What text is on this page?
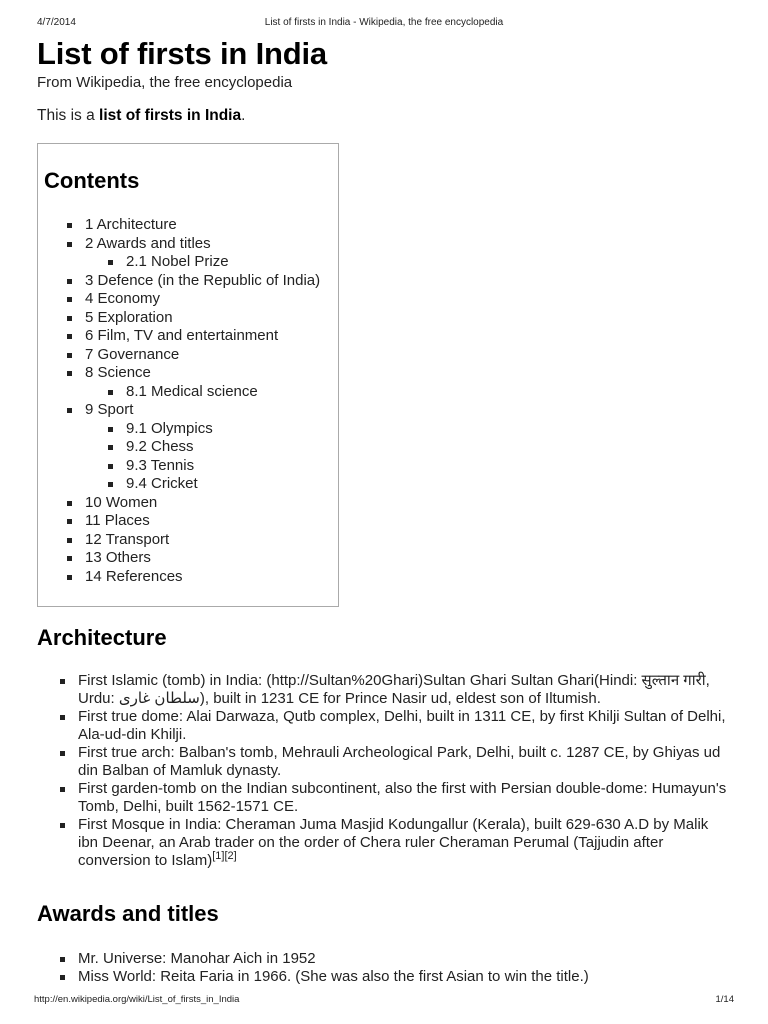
4/7/2014	List of firsts in India - Wikipedia, the free encyclopedia
List of firsts in India
From Wikipedia, the free encyclopedia
This is a list of firsts in India.
Contents
1 Architecture
2 Awards and titles
2.1 Nobel Prize
3 Defence (in the Republic of India)
4 Economy
5 Exploration
6 Film, TV and entertainment
7 Governance
8 Science
8.1 Medical science
9 Sport
9.1 Olympics
9.2 Chess
9.3 Tennis
9.4 Cricket
10 Women
11 Places
12 Transport
13 Others
14 References
Architecture
First Islamic (tomb) in India: (http://Sultan%20Ghari)Sultan Ghari Sultan Ghari(Hindi: सुल्तान गारी, Urdu: سلطان غاری), built in 1231 CE for Prince Nasir ud, eldest son of Iltumish.
First true dome: Alai Darwaza, Qutb complex, Delhi, built in 1311 CE, by first Khilji Sultan of Delhi, Ala-ud-din Khilji.
First true arch: Balban's tomb, Mehrauli Archeological Park, Delhi, built c. 1287 CE, by Ghiyas ud din Balban of Mamluk dynasty.
First garden-tomb on the Indian subcontinent, also the first with Persian double-dome: Humayun's Tomb, Delhi, built 1562-1571 CE.
First Mosque in India: Cheraman Juma Masjid Kodungallur (Kerala), built 629-630 A.D by Malik ibn Deenar, an Arab trader on the order of Chera ruler Cheraman Perumal (Tajjudin after conversion to Islam)[1][2]
Awards and titles
Mr. Universe: Manohar Aich in 1952
Miss World: Reita Faria in 1966. (She was also the first Asian to win the title.)
http://en.wikipedia.org/wiki/List_of_firsts_in_India	1/14
